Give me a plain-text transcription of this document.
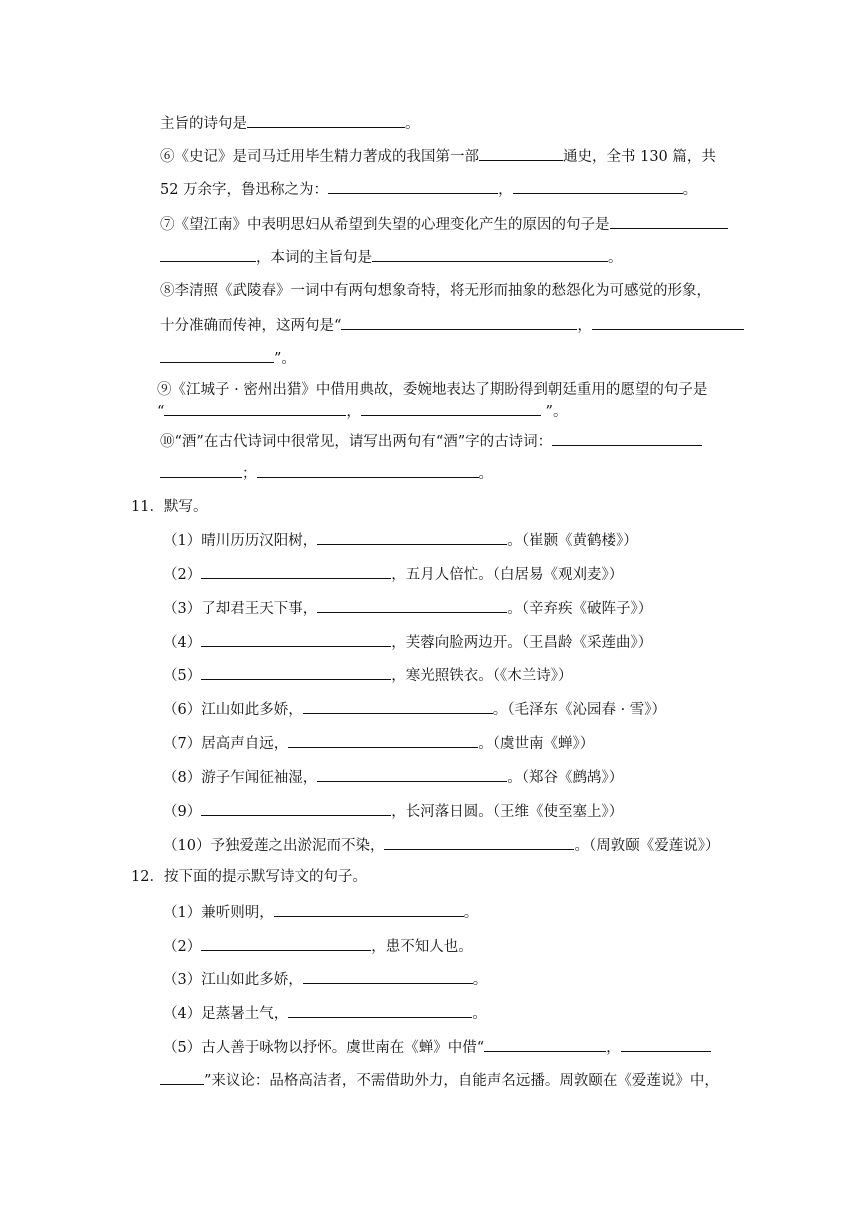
主旨的诗句是	。
⑥《史记》是司马迁用毕生精力著成的我国第一部	通史，全书 130 篇，共
52 万余字，鲁迅称之为：	，	。
⑦《望江南》中表明思妇从希望到失望的心理变化产生的原因的句子是
，本词的主旨句是	。
⑧李清照《武陵春》一词中有两句想象奇特，将无形而抽象的愁怨化为可感觉的形象，
十分准确而传神，这两句是“	，
”。
⑨《江城子 · 密州出猎》中借用典故，委婉地表达了期盼得到朝廷重用的愿望的句子是
“	，	”。
⑩“酒”在古代诗词中很常见，请写出两句有“酒”字的古诗词：
；	。
11．默写。
（1）晴川历历汉阳树，	。（崔颢《黄鹤楼》）
（2）	，五月人倍忙。（白居易《观刈麦》）
（3）了却君王天下事，	。（辛弃疾《破阵子》）
（4）	，芙蓉向脸两边开。（王昌龄《采莲曲》）
（5）	，寒光照铁衣。（《木兰诗》）
（6）江山如此多娇，	。（毛泽东《沁园春 · 雪》）
（7）居高声自远，	。（虞世南《蝉》）
（8）游子乍闻征袖湿，	。（郑谷《鹧鸪》）
（9）	，长河落日圆。（王维《使至塞上》）
（10）予独爱莲之出淤泥而不染，	。（周敦颐《爱莲说》）
12．按下面的提示默写诗文的句子。
（1）兼听则明，	。
（2）	，患不知人也。
（3）江山如此多娇，	。
（4）足蒸暑土气，	。
（5）古人善于咏物以抒怀。虞世南在《蝉》中借“	，
”来议论：品格高洁者，不需借助外力，自能声名远播。周敦颐在《爱莲说》中，
